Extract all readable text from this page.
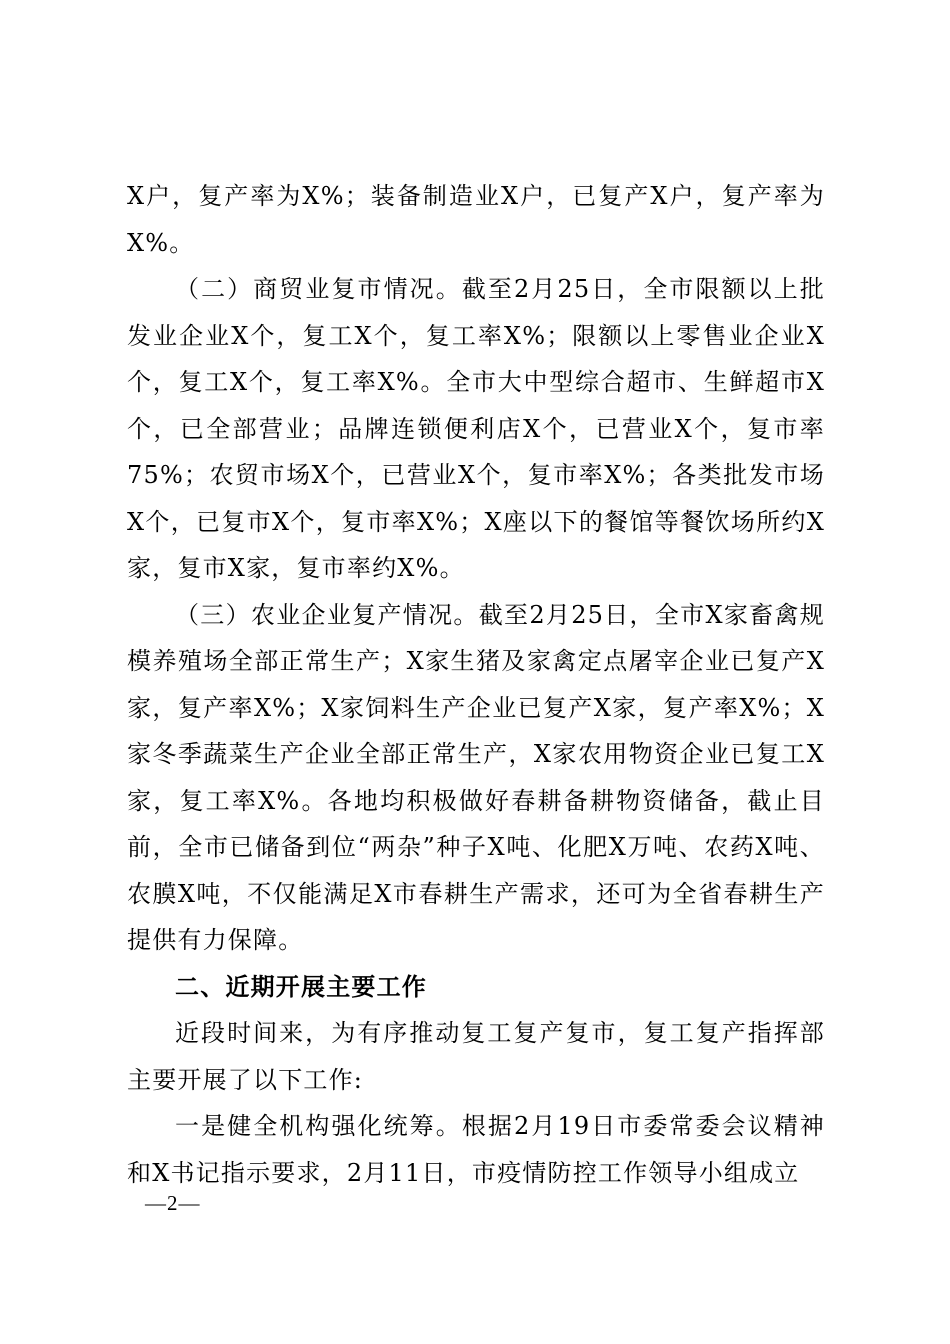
X户，复产率为X%；装备制造业X户，已复产X户，复产率为X%。

（二）商贸业复市情况。截至2月25日，全市限额以上批发业企业X个，复工X个，复工率X%；限额以上零售业企业X个，复工X个，复工率X%。全市大中型综合超市、生鲜超市X个，已全部营业；品牌连锁便利店X个，已营业X个，复市率75%；农贸市场X个，已营业X个，复市率X%；各类批发市场X个，已复市X个，复市率X%；X座以下的餐馆等餐饮场所约X家，复市X家，复市率约X%。

（三）农业企业复产情况。截至2月25日，全市X家畜禽规模养殖场全部正常生产；X家生猪及家禽定点屠宰企业已复产X家，复产率X%；X家饲料生产企业已复产X家，复产率X%；X家冬季蔬菜生产企业全部正常生产，X家农用物资企业已复工X家，复工率X%。各地均积极做好春耕备耕物资储备，截止目前，全市已储备到位“两杂”种子X吨、化肥X万吨、农药X吨、农膜X吨，不仅能满足X市春耕生产需求，还可为全省春耕生产提供有力保障。

二、近期开展主要工作

近段时间来，为有序推动复工复产复市，复工复产指挥部主要开展了以下工作:

一是健全机构强化统筹。根据2月19日市委常委会议精神和X书记指示要求，2月11日，市疫情防控工作领导小组成立

—2—
